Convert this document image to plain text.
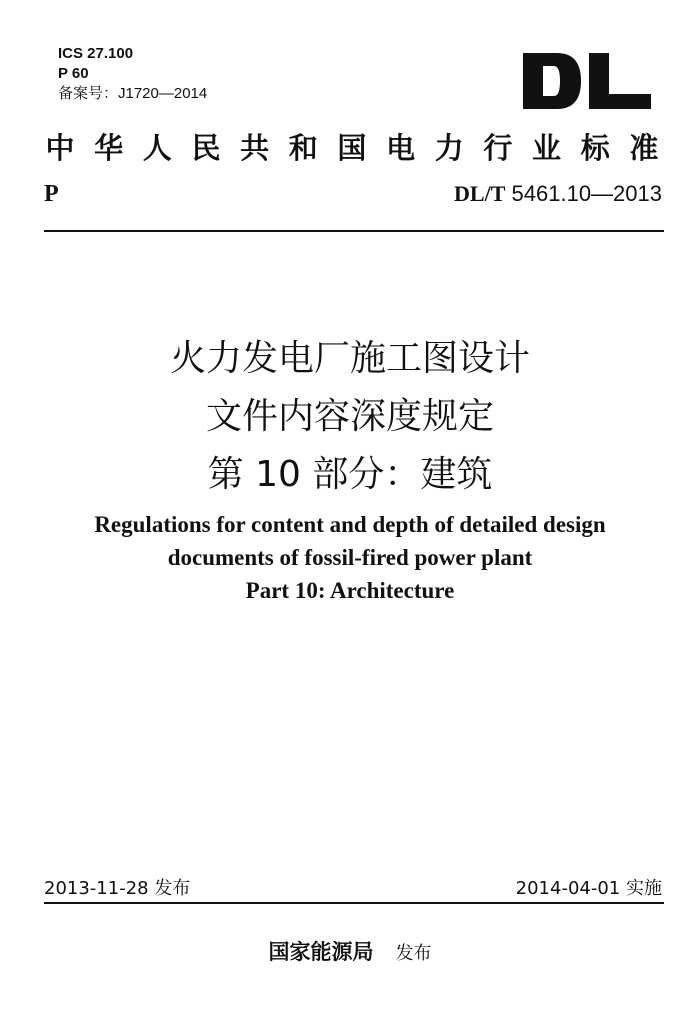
ICS 27.100
P 60
备案号：J1720—2014
中 华 人 民 共 和 国 电 力 行 业 标 准
P	DL/T 5461.10—2013
火力发电厂施工图设计
文件内容深度规定
第 10 部分：建筑
Regulations for content and depth of detailed design
documents of fossil-fired power plant
Part 10: Architecture
2013-11-28 发布	2014-04-01 实施
国家能源局 发布
